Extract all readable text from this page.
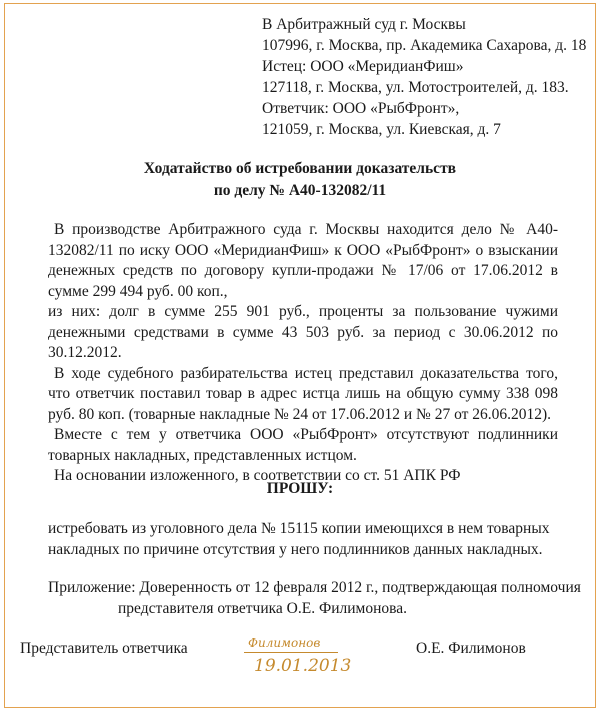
В Арбитражный суд г. Москвы
107996, г. Москва, пр. Академика Сахарова, д. 18
Истец: ООО «МеридианФиш»
127118, г. Москва, ул. Мотостроителей, д. 183.
Ответчик: ООО «РыбФронт»,
121059, г. Москва, ул. Киевская, д. 7
Ходатайство об истребовании доказательств
по делу № А40-132082/11

В производстве Арбитражного суда г. Москвы находится дело № А40-132082/11 по иску ООО «МеридианФиш» к ООО «РыбФронт» о взыскании денежных средств по договору купли-продажи № 17/06 от 17.06.2012 в сумме 299 494 руб. 00 коп.,

из них: долг в сумме 255 901 руб., проценты за пользование чужими денежными средствами в сумме 43 503 руб. за период с 30.06.2012 по 30.12.2012.

В ходе судебного разбирательства истец представил доказательства того, что ответчик поставил товар в адрес истца лишь на общую сумму 338 098 руб. 80 коп. (товарные накладные № 24 от 17.06.2012 и № 27 от 26.06.2012).

Вместе с тем у ответчика ООО «РыбФронт» отсутствуют подлинники товарных накладных, представленных истцом.

На основании изложенного, в соответствии со ст. 51 АПК РФ

ПРОШУ:
истребовать из уголовного дела № 15115 копии имеющихся в нем товарных
накладных по причине отсутствия у него подлинников данных накладных.
Приложение: Доверенность от 12 февраля 2012 г., подтверждающая полномочия
представителя ответчика О.Е. Филимонова.
Представитель ответчика	Филимонов
19.01.2013
О.Е. Филимонов
